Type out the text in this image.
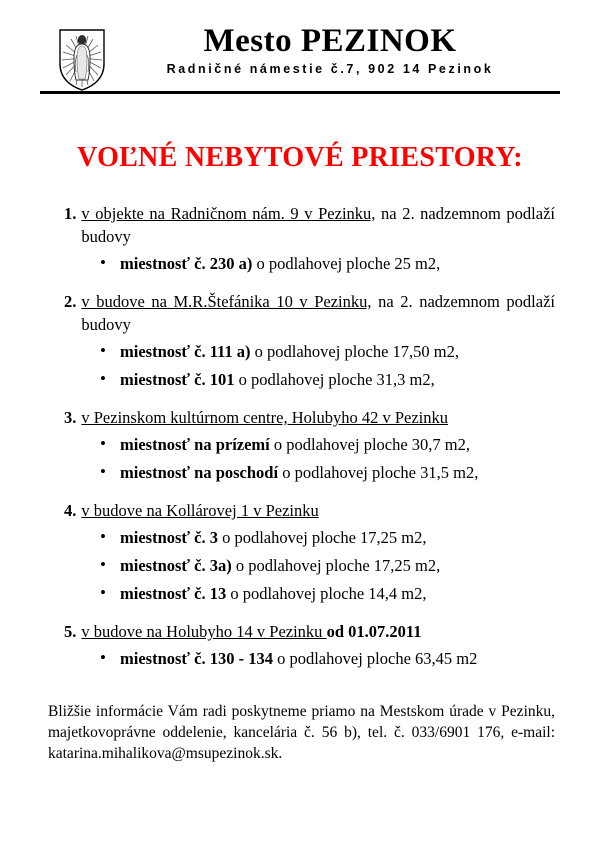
Mesto PEZINOK
Radničné námestie č.7, 902 14 Pezinok
VOĽNÉ NEBYTOVÉ PRIESTORY:
1. v objekte na Radničnom nám. 9 v Pezinku, na 2. nadzemnom podlaží budovy
• miestnosť č. 230 a) o podlahovej ploche 25 m2,
2. v budove na M.R.Štefánika 10 v Pezinku, na 2. nadzemnom podlaží budovy
• miestnosť č. 111 a) o podlahovej ploche 17,50 m2,
• miestnosť č. 101 o podlahovej ploche 31,3 m2,
3. v Pezinskom kultúrnom centre, Holubyho 42 v Pezinku
• miestnosť na prízemí o podlahovej ploche 30,7 m2,
• miestnosť na poschodí o podlahovej ploche 31,5 m2,
4. v budove na Kollárovej 1 v Pezinku
• miestnosť č. 3 o podlahovej ploche 17,25 m2,
• miestnosť č. 3a) o podlahovej ploche 17,25 m2,
• miestnosť č. 13 o podlahovej ploche 14,4 m2,
5. v budove na Holubyho 14 v Pezinku od 01.07.2011
• miestnosť č. 130 - 134 o podlahovej ploche 63,45 m2

Bližšie informácie Vám radi poskytneme priamo na Mestskom úrade v Pezinku, majetkovoprávne oddelenie, kancelária č. 56 b), tel. č. 033/6901 176, e-mail: katarina.mihalikova@msupezinok.sk.
